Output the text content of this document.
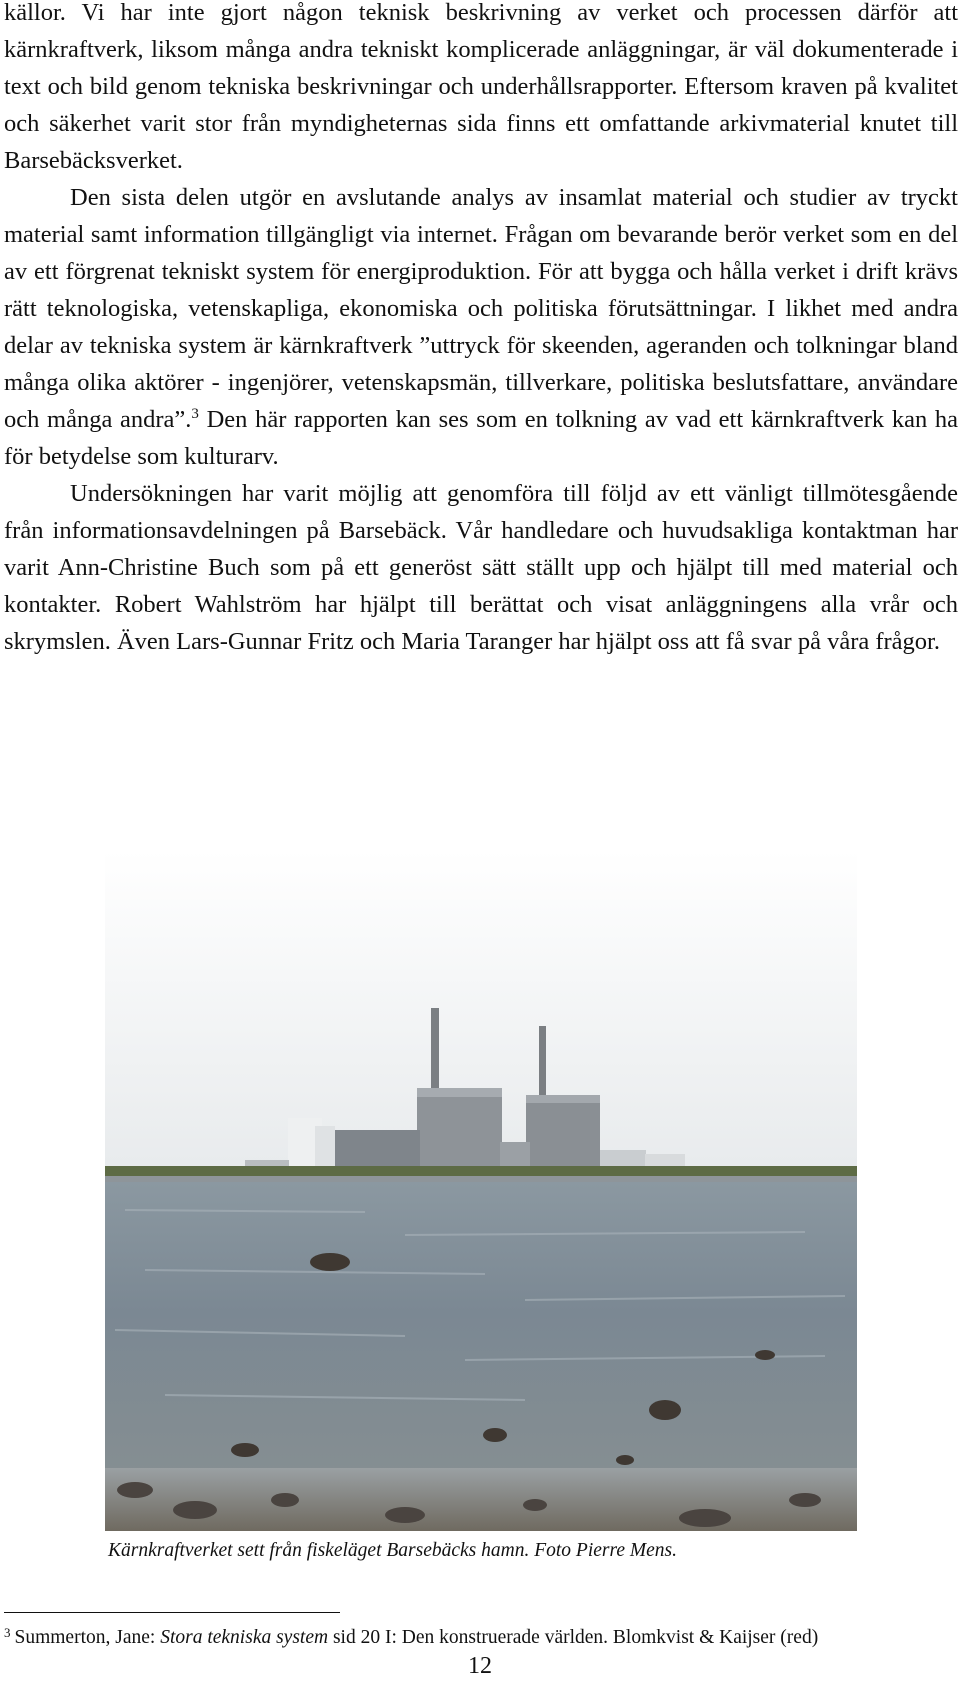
källor. Vi har inte gjort någon teknisk beskrivning av verket och processen därför att kärnkraftverk, liksom många andra tekniskt komplicerade anläggningar, är väl dokumenterade i text och bild genom tekniska beskrivningar och underhållsrapporter. Eftersom kraven på kvalitet och säkerhet varit stor från myndigheternas sida finns ett omfattande arkivmaterial knutet till Barsebäcksverket.

Den sista delen utgör en avslutande analys av insamlat material och studier av tryckt material samt information tillgängligt via internet. Frågan om bevarande berör verket som en del av ett förgrenat tekniskt system för energiproduktion. För att bygga och hålla verket i drift krävs rätt teknologiska, vetenskapliga, ekonomiska och politiska förutsättningar. I likhet med andra delar av tekniska system är kärnkraftverk ”uttryck för skeenden, ageranden och tolkningar bland många olika aktörer - ingenjörer, vetenskapsmän, tillverkare, politiska beslutsfattare, användare och många andra”.$^3$ Den här rapporten kan ses som en tolkning av vad ett kärnkraftverk kan ha för betydelse som kulturarv.

Undersökningen har varit möjlig att genomföra till följd av ett vänligt tillmötesgående från informationsavdelningen på Barsebäck. Vår handledare och huvudsakliga kontaktman har varit Ann-Christine Buch som på ett generöst sätt ställt upp och hjälpt till med material och kontakter. Robert Wahlström har hjälpt till berättat och visat anläggningens alla vrår och skrymslen. Även Lars-Gunnar Fritz och Maria Taranger har hjälpt oss att få svar på våra frågor.

Kärnkraftverket sett från fiskeläget Barsebäcks hamn. Foto Pierre Mens.
$^3$ Summerton, Jane: Stora tekniska system sid 20 I: Den konstruerade världen. Blomkvist & Kaijser (red)
12
